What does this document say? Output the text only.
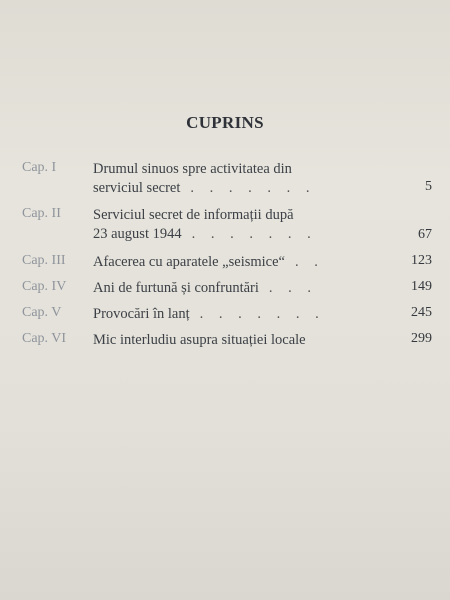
CUPRINS
Cap. I	Drumul sinuos spre activitatea din
serviciul secret . . . . . . .	5
Cap. II Serviciul secret de informații după
23 august 1944 . . . . . . .	67
Cap. III Afacerea cu aparatele „seismice“ . .	123
Cap. IV Ani de furtună și confruntări . . .	149
Cap. V Provocări în lanț . . . . . . .	245
Cap. VI Mic interludiu asupra situației locale	299
